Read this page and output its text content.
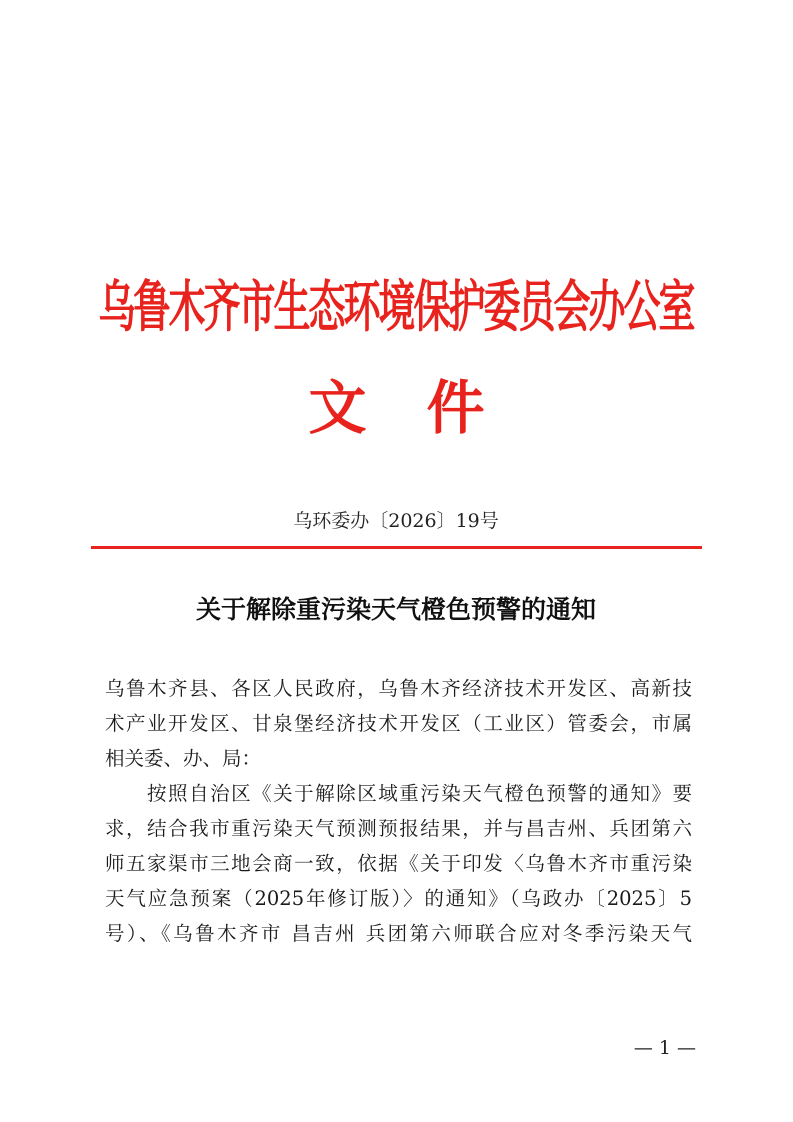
乌鲁木齐市生态环境保护委员会办公室
文件
乌环委办〔2026〕19号
关于解除重污染天气橙色预警的通知
乌鲁木齐县、各区人民政府，乌鲁木齐经济技术开发区、高新技
术产业开发区、甘泉堡经济技术开发区（工业区）管委会，市属
相关委、办、局：
　　按照自治区《关于解除区域重污染天气橙色预警的通知》要
求，结合我市重污染天气预测预报结果，并与昌吉州、兵团第六
师五家渠市三地会商一致，依据《关于印发〈乌鲁木齐市重污染
天气应急预案（2025年修订版）〉的通知》（乌政办〔2025〕5
号）、《乌鲁木齐市 昌吉州 兵团第六师联合应对冬季污染天气
— 1 —
